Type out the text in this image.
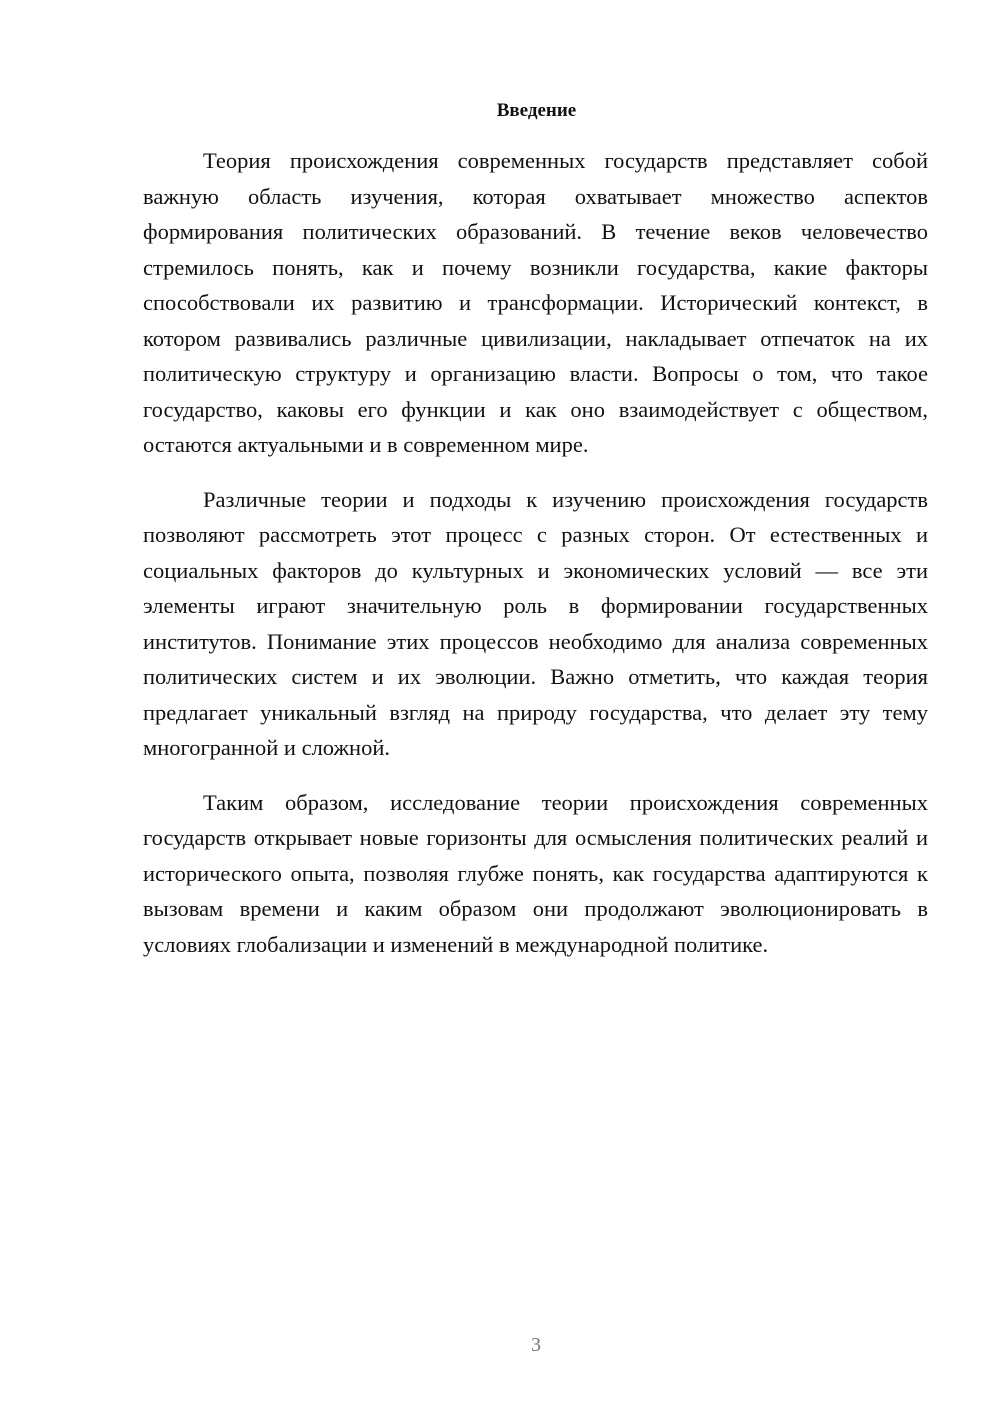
Введение

Теория происхождения современных государств представляет собой важную область изучения, которая охватывает множество аспектов формирования политических образований. В течение веков человечество стремилось понять, как и почему возникли государства, какие факторы способствовали их развитию и трансформации. Исторический контекст, в котором развивались различные цивилизации, накладывает отпечаток на их политическую структуру и организацию власти. Вопросы о том, что такое государство, каковы его функции и как оно взаимодействует с обществом, остаются актуальными и в современном мире.

Различные теории и подходы к изучению происхождения государств позволяют рассмотреть этот процесс с разных сторон. От естественных и социальных факторов до культурных и экономических условий — все эти элементы играют значительную роль в формировании государственных институтов. Понимание этих процессов необходимо для анализа современных политических систем и их эволюции. Важно отметить, что каждая теория предлагает уникальный взгляд на природу государства, что делает эту тему многогранной и сложной.

Таким образом, исследование теории происхождения современных государств открывает новые горизонты для осмысления политических реалий и исторического опыта, позволяя глубже понять, как государства адаптируются к вызовам времени и каким образом они продолжают эволюционировать в условиях глобализации и изменений в международной политике.

3
